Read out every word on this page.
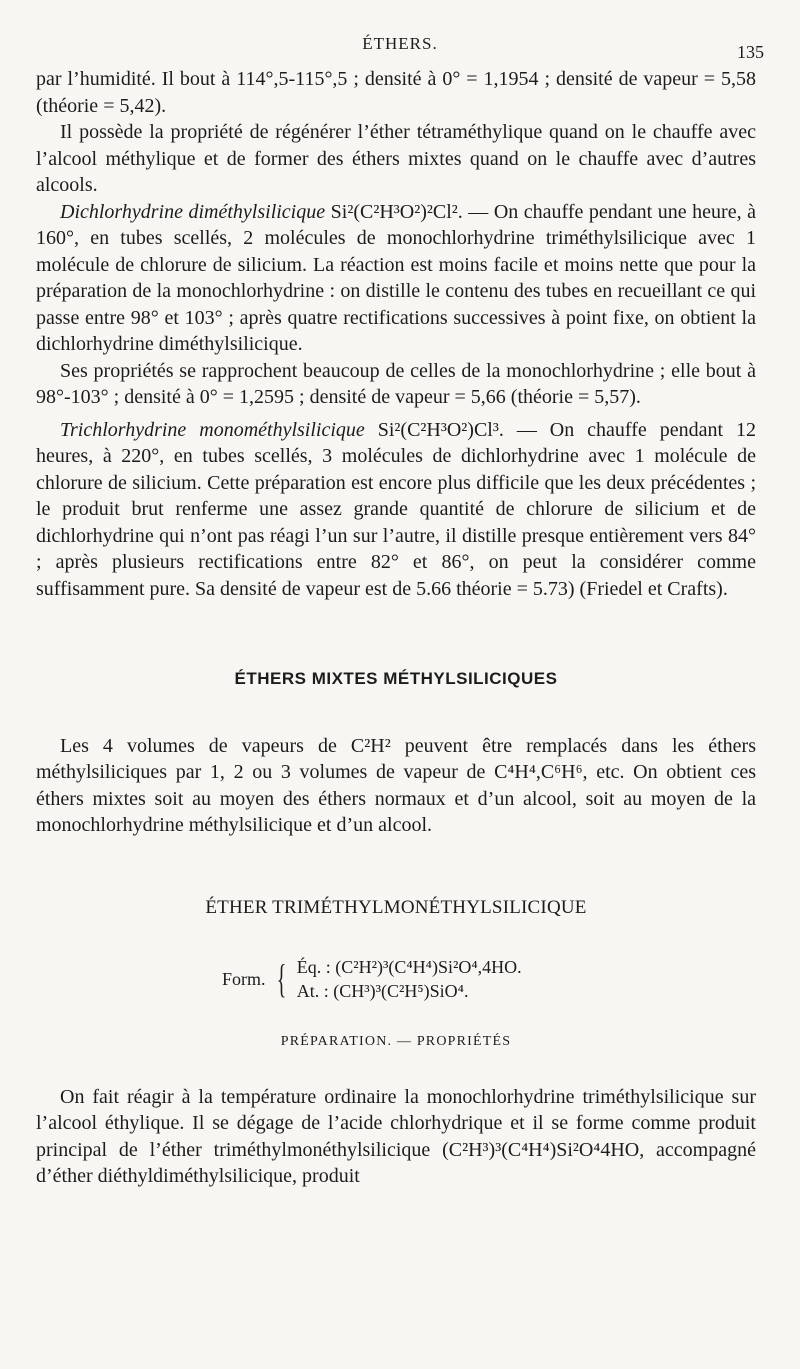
ÉTHERS.	135

par l’humidité. Il bout à 114°,5-115°,5 ; densité à 0° = 1,1954 ; densité de vapeur = 5,58 (théorie = 5,42).

Il possède la propriété de régénérer l’éther tétraméthylique quand on le chauffe avec l’alcool méthylique et de former des éthers mixtes quand on le chauffe avec d’autres alcools.

Dichlorhydrine diméthylsilicique Si²(C²H³O²)²Cl². — On chauffe pendant une heure, à 160°, en tubes scellés, 2 molécules de monochlorhydrine triméthylsilicique avec 1 molécule de chlorure de silicium. La réaction est moins facile et moins nette que pour la préparation de la monochlorhydrine : on distille le contenu des tubes en recueillant ce qui passe entre 98° et 103° ; après quatre rectifications successives à point fixe, on obtient la dichlorhydrine diméthylsilicique.

Ses propriétés se rapprochent beaucoup de celles de la monochlorhydrine ; elle bout à 98°-103° ; densité à 0° = 1,2595 ; densité de vapeur = 5,66 (théorie = 5,57).

Trichlorhydrine monométhylsilicique Si²(C²H³O²)Cl³. — On chauffe pendant 12 heures, à 220°, en tubes scellés, 3 molécules de dichlorhydrine avec 1 molécule de chlorure de silicium. Cette préparation est encore plus difficile que les deux précédentes ; le produit brut renferme une assez grande quantité de chlorure de silicium et de dichlorhydrine qui n’ont pas réagi l’un sur l’autre, il distille presque entièrement vers 84° ; après plusieurs rectifications entre 82° et 86°, on peut la considérer comme suffisamment pure. Sa densité de vapeur est de 5.66 théorie = 5.73) (Friedel et Crafts).

ÉTHERS MIXTES MÉTHYLSILICIQUES

Les 4 volumes de vapeurs de C²H² peuvent être remplacés dans les éthers méthylsiliciques par 1, 2 ou 3 volumes de vapeur de C⁴H⁴,C⁶H⁶, etc. On obtient ces éthers mixtes soit au moyen des éthers normaux et d’un alcool, soit au moyen de la monochlorhydrine méthylsilicique et d’un alcool.

ÉTHER TRIMÉTHYLMONÉTHYLSILICIQUE
Form. { Éq. : (C²H²)³(C⁴H⁴)Si²O⁴,4HO.
At. : (CH³)³(C²H⁵)SiO⁴.
PRÉPARATION. — PROPRIÉTÉS

On fait réagir à la température ordinaire la monochlorhydrine triméthylsilicique sur l’alcool éthylique. Il se dégage de l’acide chlorhydrique et il se forme comme produit principal de l’éther triméthylmonéthylsilicique (C²H³)³(C⁴H⁴)Si²O⁴4HO, accompagné d’éther diéthyldiméthylsilicique, produit
